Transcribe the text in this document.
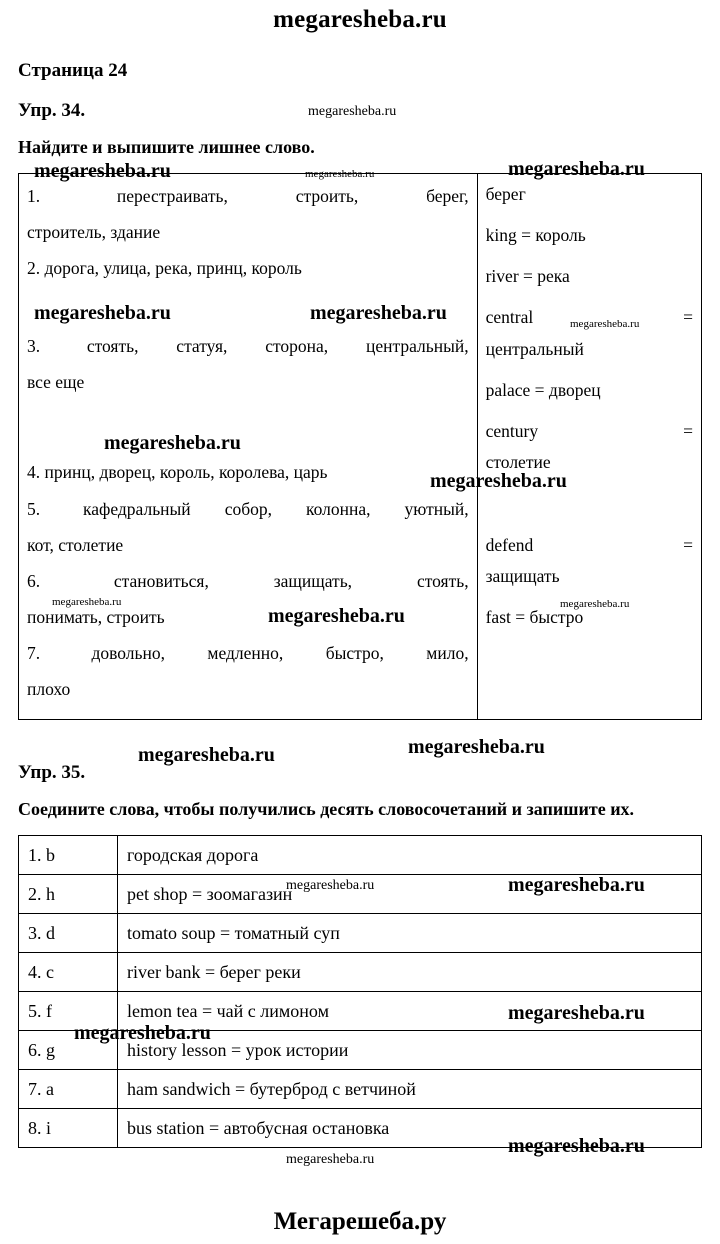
megaresheba.ru
Страница 24
Упр. 34.
Найдите и выпишите лишнее слово.

1.	перестраивать, строить, берег,

строитель, здание

2. дорога, улица, река, принц, король

3.	стоять, статуя, сторона, центральный,

все еще

4. принц, дворец, король, королева, царь

5. кафедральный собор, колонна, уютный,

кот, столетие

6.	становиться, защищать, стоять,

понимать, строить

7.	довольно, медленно, быстро, мило,

плохо

берег

king = король

river = река

central	=

центральный

palace = дворец

century	=

столетие

defend	=

защищать

fast = быстро

Упр. 35.
Соедините слова, чтобы получились десять словосочетаний и запишите их.
1. b	городская дорога
2. h	pet shop = зоомагазин
3. d	tomato soup = томатный суп
4. c	river bank = берег реки
5. f	lemon tea = чай с лимоном
6. g	history lesson = урок истории
7. a	ham sandwich = бутерброд с ветчиной
8. i	bus station = автобусная остановка
Мегарешеба.ру
megaresheba.ru
megaresheba.ru	megaresheba.ru	megaresheba.ru
megaresheba.ru	megaresheba.ru	megaresheba.ru
megaresheba.ru
megaresheba.ru
megaresheba.ru
megaresheba.ru
megaresheba.ru
megaresheba.ru	megaresheba.ru
megaresheba.ru	megaresheba.ru
megaresheba.ru
megaresheba.ru
megaresheba.ru
megaresheba.ru
